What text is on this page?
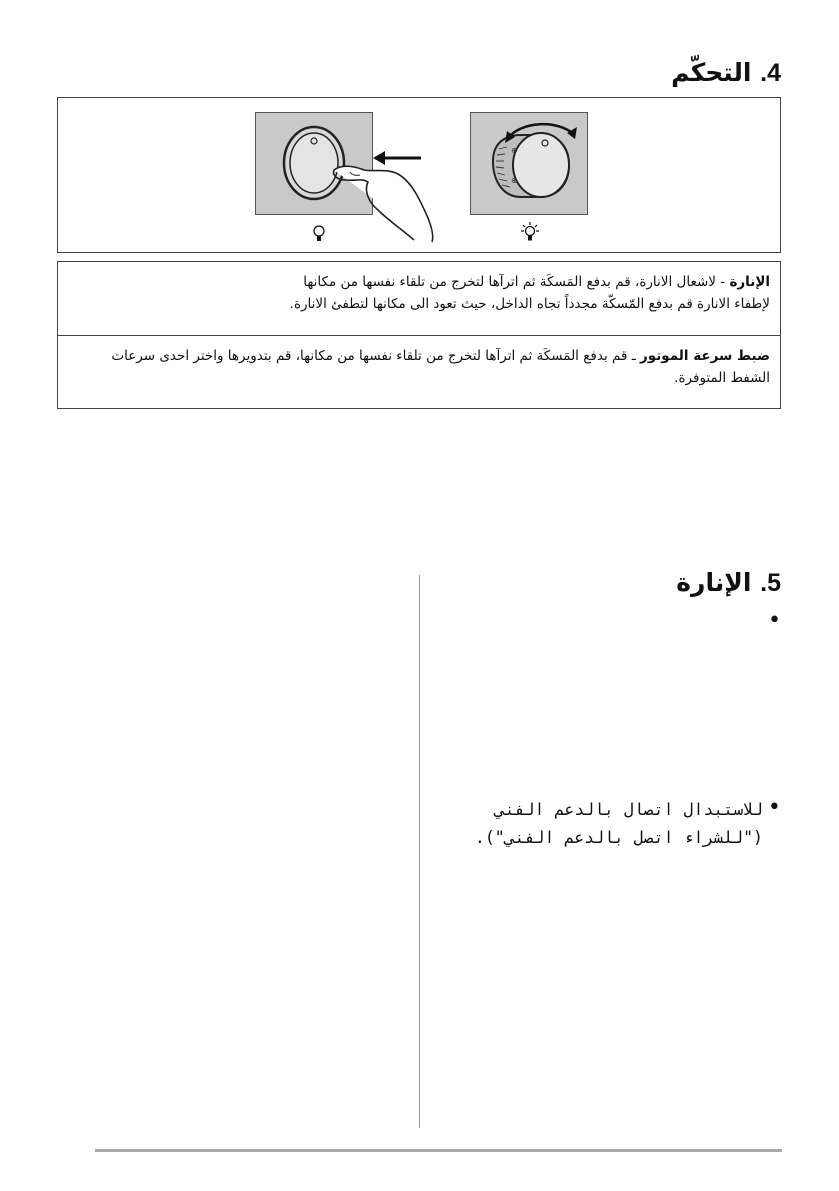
4. التحكّم
⊕
⊕
الإنارة - لاشعال الانارة، قم بدفع المَسكَة ثم اترآها لتخرج من تلقاء نفسها من مكانها
لإطفاء الانارة قم بدفع المّسكّة مجدداً تجاه الداخل، حيث تعود الى مكانها لتطفئ الانارة.
ضبط سرعة الموتور ـ قم بدفع المَسكَة ثم اترآها لتخرج من تلقاء نفسها من مكانها، قم بتدويرها واختر احدى سرعات الشفط المتوفرة.
5. الإنارة
•
•
للاستبدال اتصال بالدعم الفني
("للشراء اتصل بالدعم الفني").
